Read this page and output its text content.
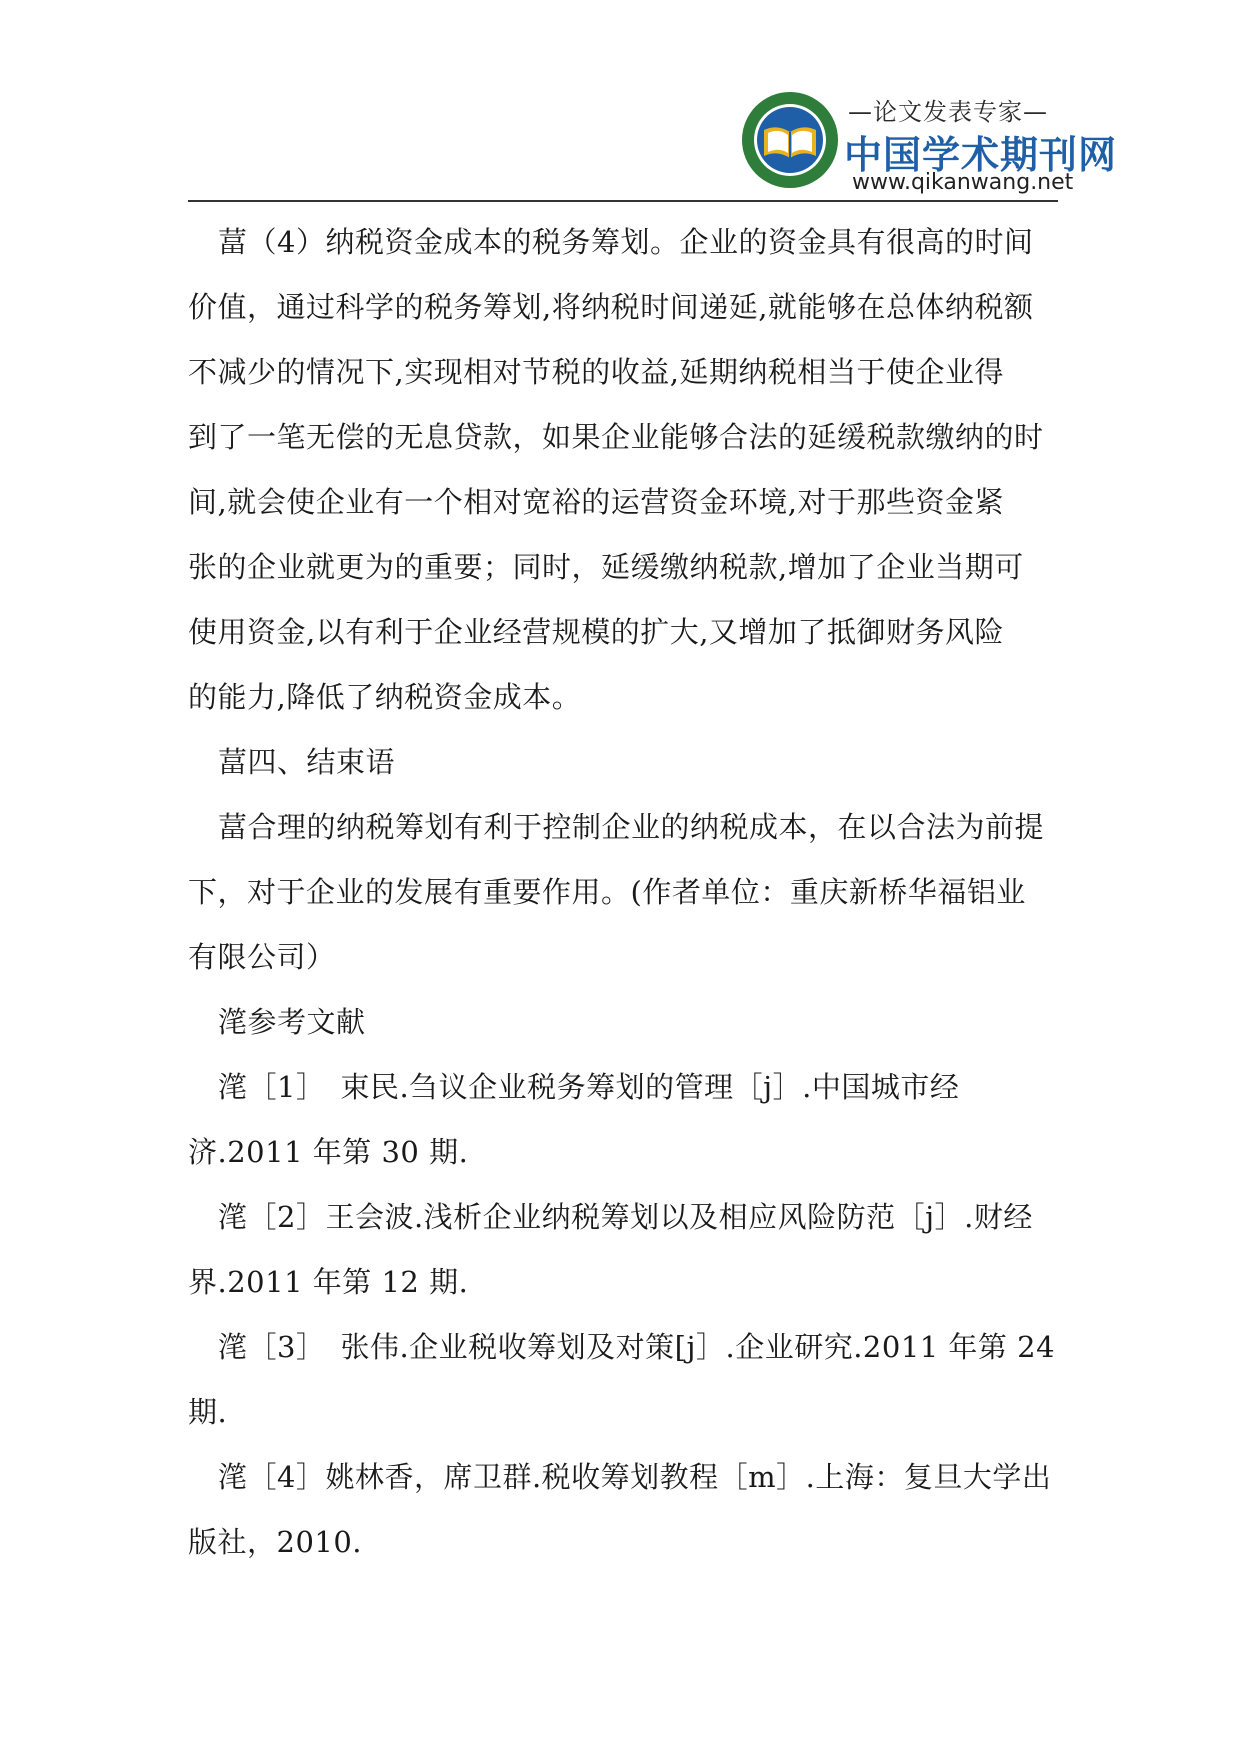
—论文发表专家—
中国学术期刊网
www.qikanwang.net
葍（4）纳税资金成本的税务筹划。企业的资金具有很高的时间
价值，通过科学的税务筹划,将纳税时间递延,就能够在总体纳税额
不减少的情况下,实现相对节税的收益,延期纳税相当于使企业得
到了一笔无偿的无息贷款，如果企业能够合法的延缓税款缴纳的时
间,就会使企业有一个相对宽裕的运营资金环境,对于那些资金紧
张的企业就更为的重要；同时，延缓缴纳税款,增加了企业当期可
使用资金,以有利于企业经营规模的扩大,又增加了抵御财务风险
的能力,降低了纳税资金成本。
葍四、结束语
葍合理的纳税筹划有利于控制企业的纳税成本，在以合法为前提
下，对于企业的发展有重要作用。(作者单位：重庆新桥华福铝业
有限公司）
滗参考文献
滗［1］　束民.刍议企业税务筹划的管理［j］.中国城市经
济.2011 年第 30 期.
滗［2］王会波.浅析企业纳税筹划以及相应风险防范［j］.财经
界.2011 年第 12 期.
滗［3］　张伟.企业税收筹划及对策[j］.企业研究.2011 年第 24
期.
滗［4］姚林香，席卫群.税收筹划教程［m］.上海：复旦大学出
版社，2010.
